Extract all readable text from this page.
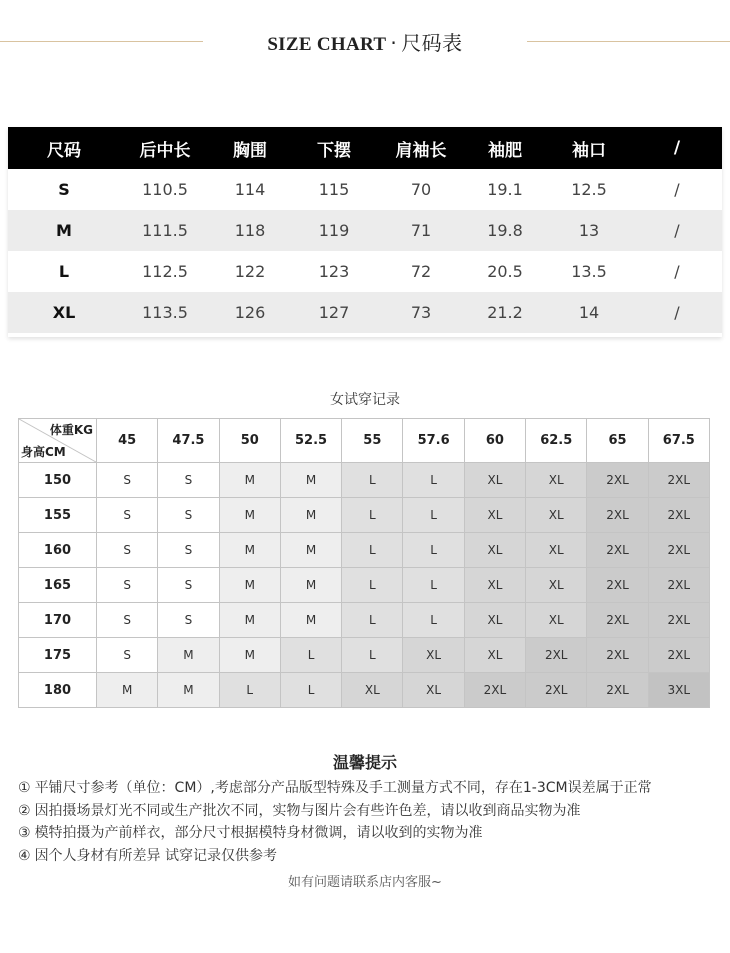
SIZE CHART · 尺码表
尺码	后中长	胸围	下摆	肩袖长	袖肥	袖口	/
S	110.5	114	115	70	19.1	12.5	/
M	111.5	118	119	71	19.8	13	/
L	112.5	122	123	72	20.5	13.5	/
XL	113.5	126	127	73	21.2	14	/
女试穿记录
体重KG
身高CM	45	47.5	50	52.5	55	57.6	60	62.5	65	67.5
150	S	S	M	M	L	L	XL	XL	2XL	2XL
155	S	S	M	M	L	L	XL	XL	2XL	2XL
160	S	S	M	M	L	L	XL	XL	2XL	2XL
165	S	S	M	M	L	L	XL	XL	2XL	2XL
170	S	S	M	M	L	L	XL	XL	2XL	2XL
175	S	M	M	L	L	XL	XL	2XL	2XL	2XL
180	M	M	L	L	XL	XL	2XL	2XL	2XL	3XL
温馨提示
① 平铺尺寸参考（单位：CM）,考虑部分产品版型特殊及手工测量方式不同，存在1-3CM误差属于正常
② 因拍摄场景灯光不同或生产批次不同，实物与图片会有些许色差，请以收到商品实物为准
③ 模特拍摄为产前样衣，部分尺寸根据模特身材微调，请以收到的实物为准
④ 因个人身材有所差异 试穿记录仅供参考
如有问题请联系店内客服~
